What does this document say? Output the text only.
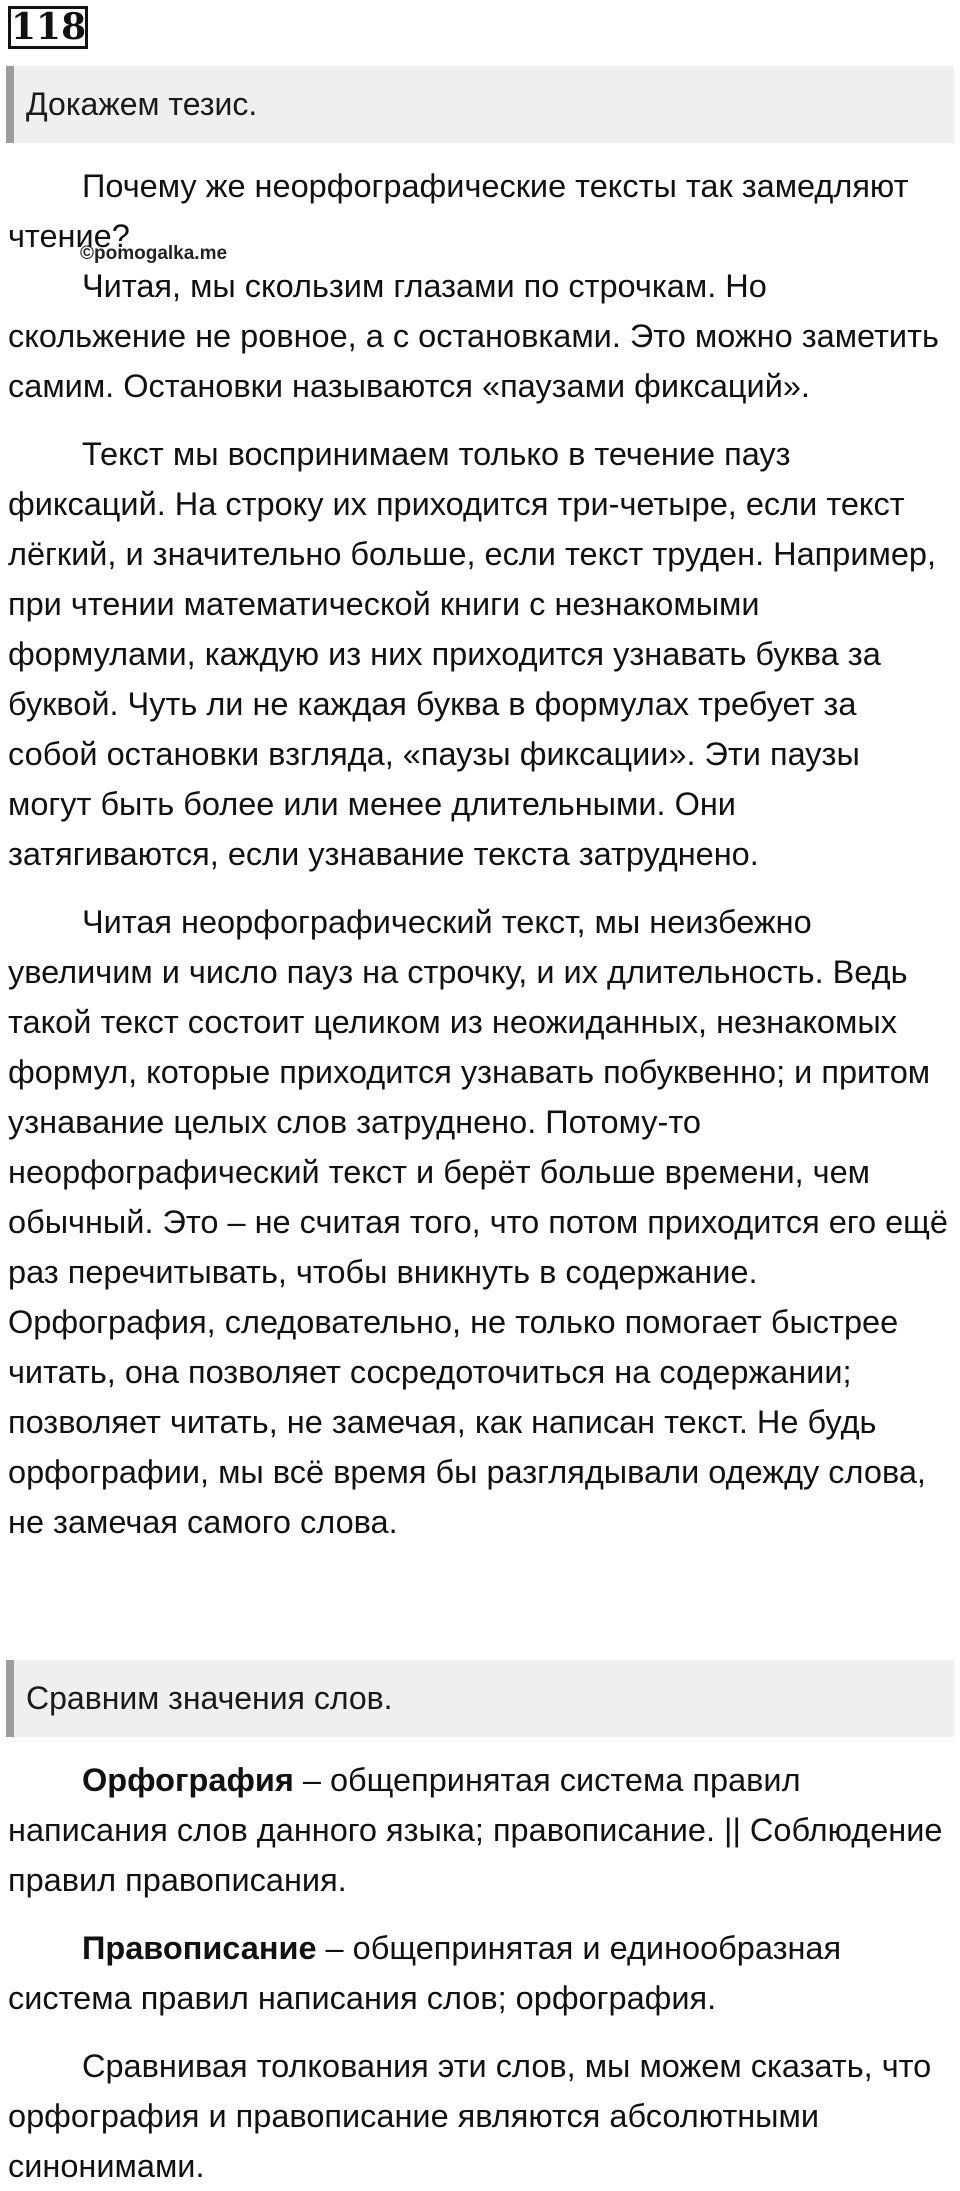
118
Докажем тезис.

Почему же неорфографические тексты так замедляют чтение?

Читая, мы скользим глазами по строчкам. Но скольжение не ровное, а с остановками. Это можно заметить самим. Остановки называются «паузами фиксаций».

Текст мы воспринимаем только в течение пауз фиксаций. На строку их приходится три-четыре, если текст лёгкий, и значительно больше, если текст труден. Например, при чтении математической книги с незнакомыми формулами, каждую из них приходится узнавать буква за буквой. Чуть ли не каждая буква в формулах требует за собой остановки взгляда, «паузы фиксации». Эти паузы могут быть более или менее длительными. Они затягиваются, если узнавание текста затруднено.

Читая неорфографический текст, мы неизбежно увеличим и число пауз на строчку, и их длительность. Ведь такой текст состоит целиком из неожиданных, незнакомых формул, которые приходится узнавать побуквенно; и притом узнавание целых слов затруднено. Потому-то неорфографический текст и берёт больше времени, чем обычный. Это – не считая того, что потом приходится его ещё раз перечитывать, чтобы вникнуть в содержание. Орфография, следовательно, не только помогает быстрее читать, она позволяет сосредоточиться на содержании; позволяет читать, не замечая, как написан текст. Не будь орфографии, мы всё время бы разглядывали одежду слова, не замечая самого слова.

©pomogalka.me
Сравним значения слов.

Орфография – общепринятая система правил написания слов данного языка; правописание. || Соблюдение правил правописания.

Правописание – общепринятая и единообразная система правил написания слов; орфография.

Сравнивая толкования эти слов, мы можем сказать, что орфография и правописание являются абсолютными синонимами.
